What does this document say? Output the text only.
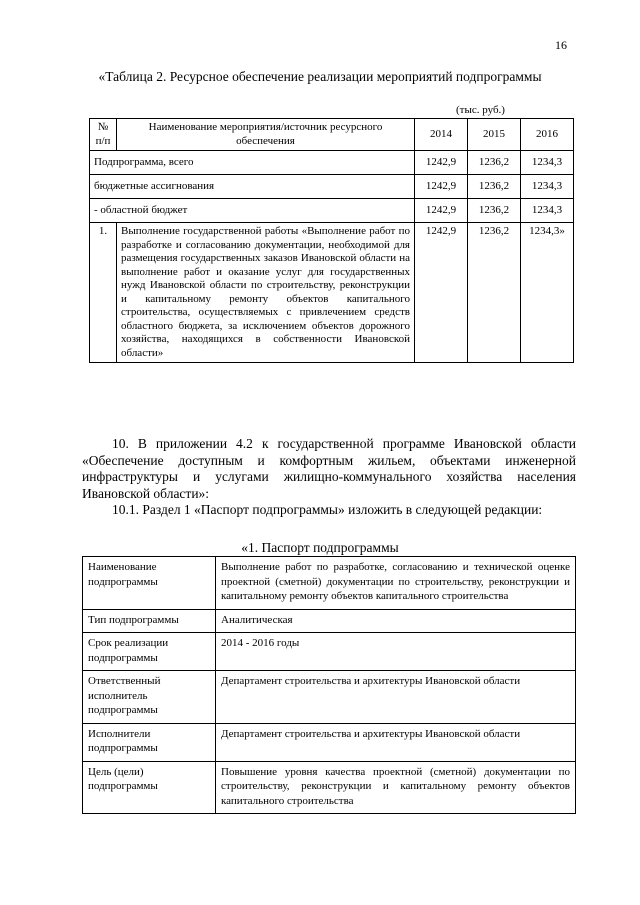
16
«Таблица 2. Ресурсное обеспечение реализации мероприятий подпрограммы
(тыс. руб.)
№ п/п	Наименование мероприятия/источник ресурсного обеспечения	2014	2015	2016
Подпрограмма, всего		1242,9	1236,2	1234,3
бюджетные ассигнования		1242,9	1236,2	1234,3
- областной бюджет		1242,9	1236,2	1234,3
1.	Выполнение государственной работы «Выполнение работ по разработке и согласованию документации, необходимой для размещения государственных заказов Ивановской области на выполнение работ и оказание услуг для государственных нужд Ивановской области по строительству, реконструкции и капитальному ремонту объектов капитального строительства, осуществляемых с привлечением средств областного бюджета, за исключением объектов дорожного хозяйства, находящихся в собственности Ивановской области»	1242,9	1236,2	1234,3»
10. В приложении 4.2 к государственной программе Ивановской области «Обеспечение доступным и комфортным жильем, объектами инженерной инфраструктуры и услугами жилищно-коммунального хозяйства населения Ивановской области»:
10.1. Раздел 1 «Паспорт подпрограммы» изложить в следующей редакции:
«1. Паспорт подпрограммы
Наименование подпрограммы	Выполнение работ по разработке, согласованию и технической оценке проектной (сметной) документации по строительству, реконструкции и капитальному ремонту объектов капитального строительства
Тип подпрограммы	Аналитическая
Срок реализации подпрограммы	2014 - 2016 годы
Ответственный исполнитель подпрограммы	Департамент строительства и архитектуры Ивановской области
Исполнители подпрограммы	Департамент строительства и архитектуры Ивановской области
Цель (цели) подпрограммы	Повышение уровня качества проектной (сметной) документации по строительству, реконструкции и капитальному ремонту объектов капитального строительства
